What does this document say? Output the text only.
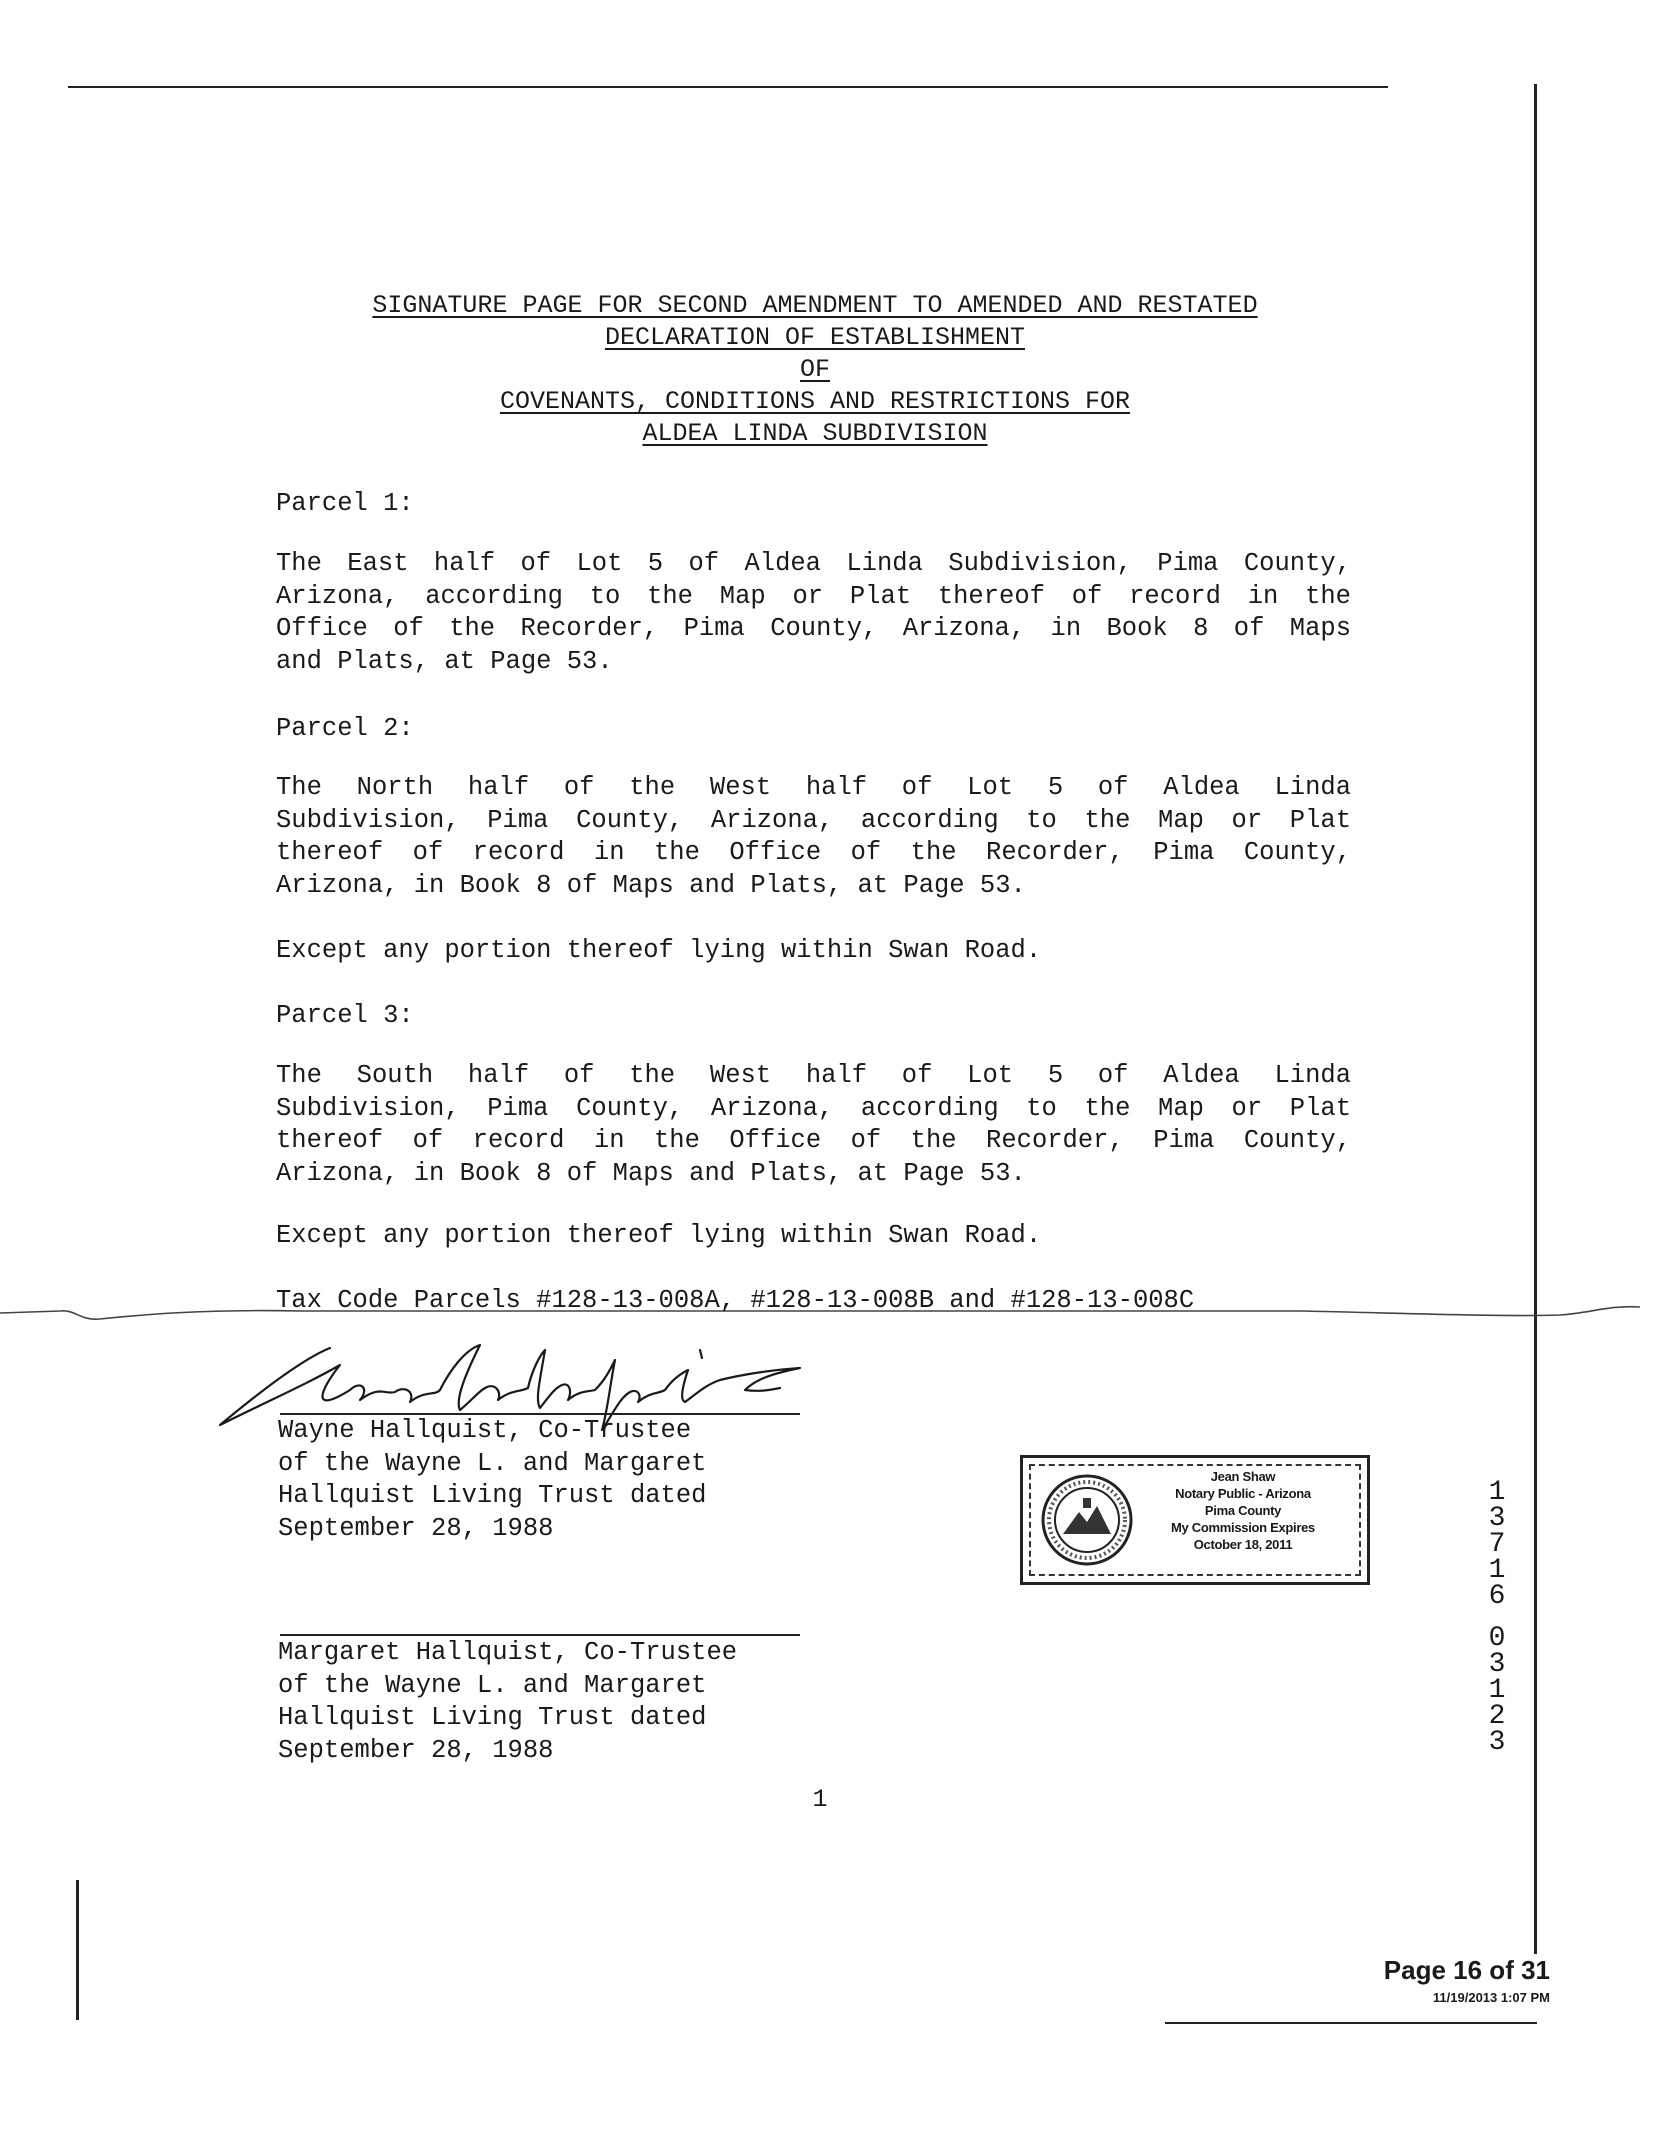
SIGNATURE PAGE FOR SECOND AMENDMENT TO AMENDED AND RESTATED
DECLARATION OF ESTABLISHMENT
OF
COVENANTS, CONDITIONS AND RESTRICTIONS FOR
ALDEA LINDA SUBDIVISION
Parcel 1:
The East half of Lot 5 of Aldea Linda Subdivision, Pima County,
Arizona, according to the Map or Plat thereof of record in the
Office of the Recorder, Pima County, Arizona, in Book 8 of Maps
and Plats, at Page 53.
Parcel 2:
The North half of the West half of Lot 5 of Aldea Linda
Subdivision, Pima County, Arizona, according to the Map or Plat
thereof of record in the Office of the Recorder, Pima County,
Arizona, in Book 8 of Maps and Plats, at Page 53.
Except any portion thereof lying within Swan Road.
Parcel 3:
The South half of the West half of Lot 5 of Aldea Linda
Subdivision, Pima County, Arizona, according to the Map or Plat
thereof of record in the Office of the Recorder, Pima County,
Arizona, in Book 8 of Maps and Plats, at Page 53.
Except any portion thereof lying within Swan Road.
Tax Code Parcels #128-13-008A, #128-13-008B and #128-13-008C
Wayne Hallquist, Co-Trustee
of the Wayne L. and Margaret
Hallquist Living Trust dated
September 28, 1988
Jean Shaw
Notary Public - Arizona
Pima County
My Commission Expires
October 18, 2011
1
3
7
1
6
0
3
1
2
3
Margaret Hallquist, Co-Trustee
of the Wayne L. and Margaret
Hallquist Living Trust dated
September 28, 1988
1
Page 16 of 31
11/19/2013 1:07 PM
